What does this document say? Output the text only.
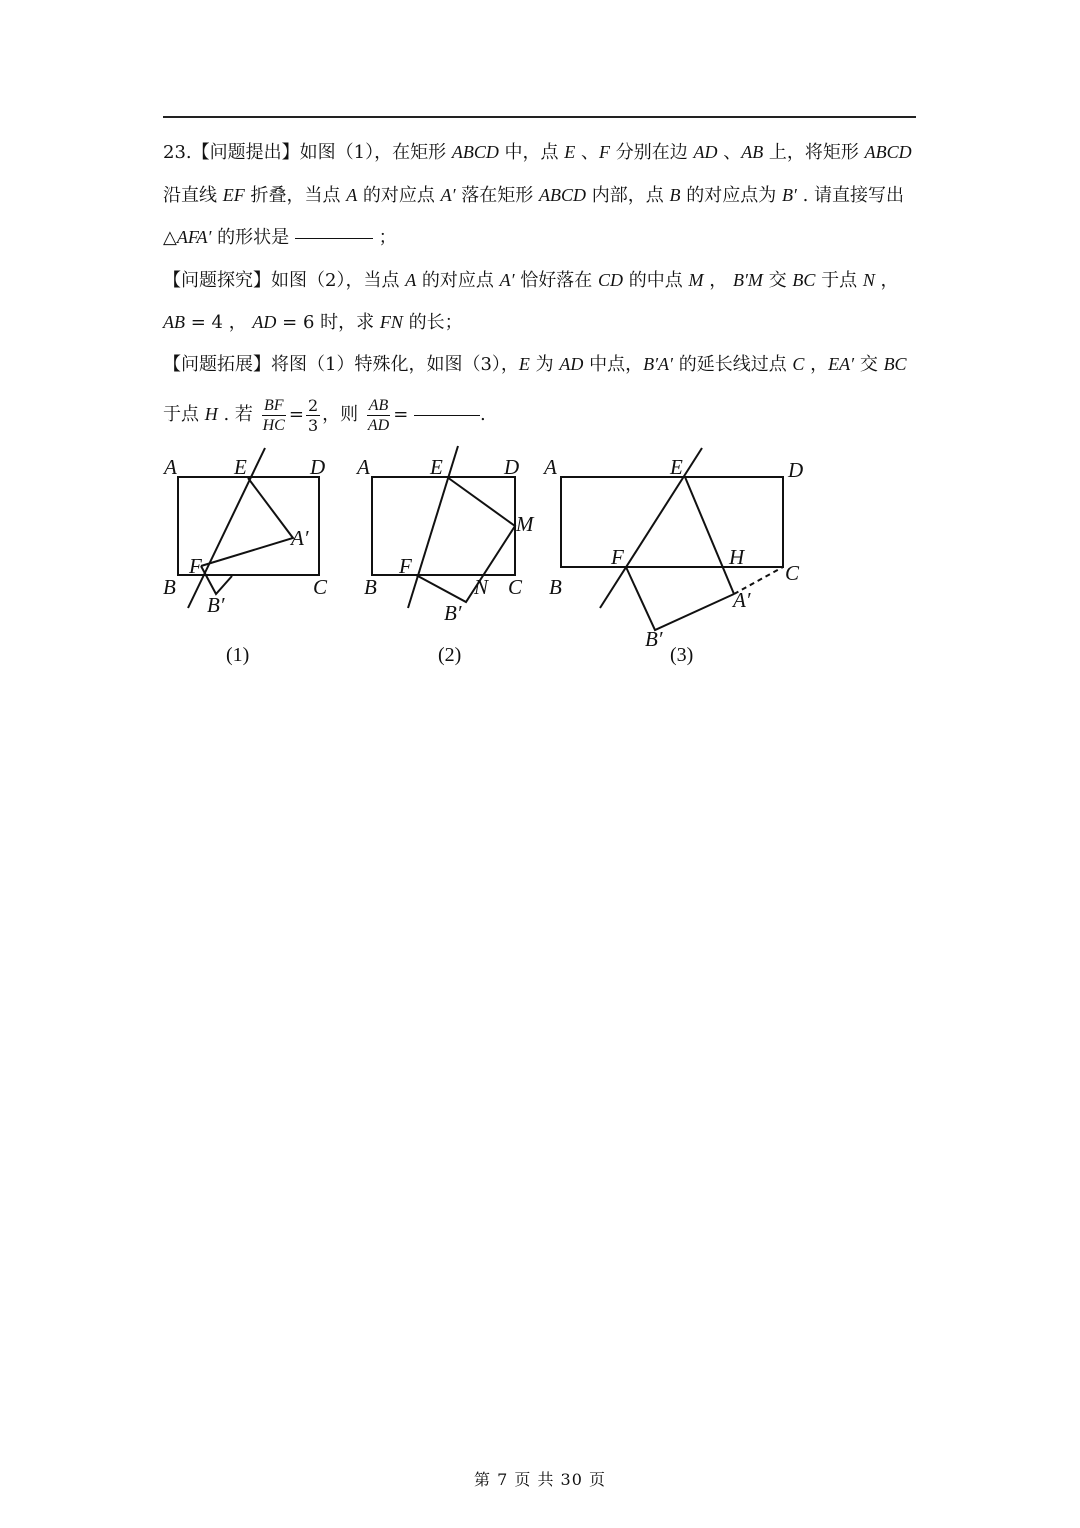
23.【问题提出】如图（1），在矩形 ABCD 中，点 E 、F 分别在边 AD 、AB 上，将矩形 ABCD
沿直线 EF 折叠，当点 A 的对应点 A′ 落在矩形 ABCD 内部，点 B 的对应点为 B′ . 请直接写出
△AFA′ 的形状是	；
【问题探究】如图（2），当点 A 的对应点 A′ 恰好落在 CD 的中点 M ， B′M 交 BC 于点 N ，
AB = 4 ， AD = 6 时，求 FN 的长；
【问题拓展】将图（1）特殊化，如图（3），E 为 AD 中点，B′A′ 的延长线过点 C ，EA′ 交 BC
于点 H . 若 $\frac{BF}{HC} = \frac{2}{3}$ ，则 $\frac{AB}{AD}$ =	.
A	E	D
A′
F
B
B′
C
(1)
A	E	D
M
F
B	N C
B′
(2)
A	E	D
F	H
C
B
A′
B′
(3)
第 7 页 共 30 页
